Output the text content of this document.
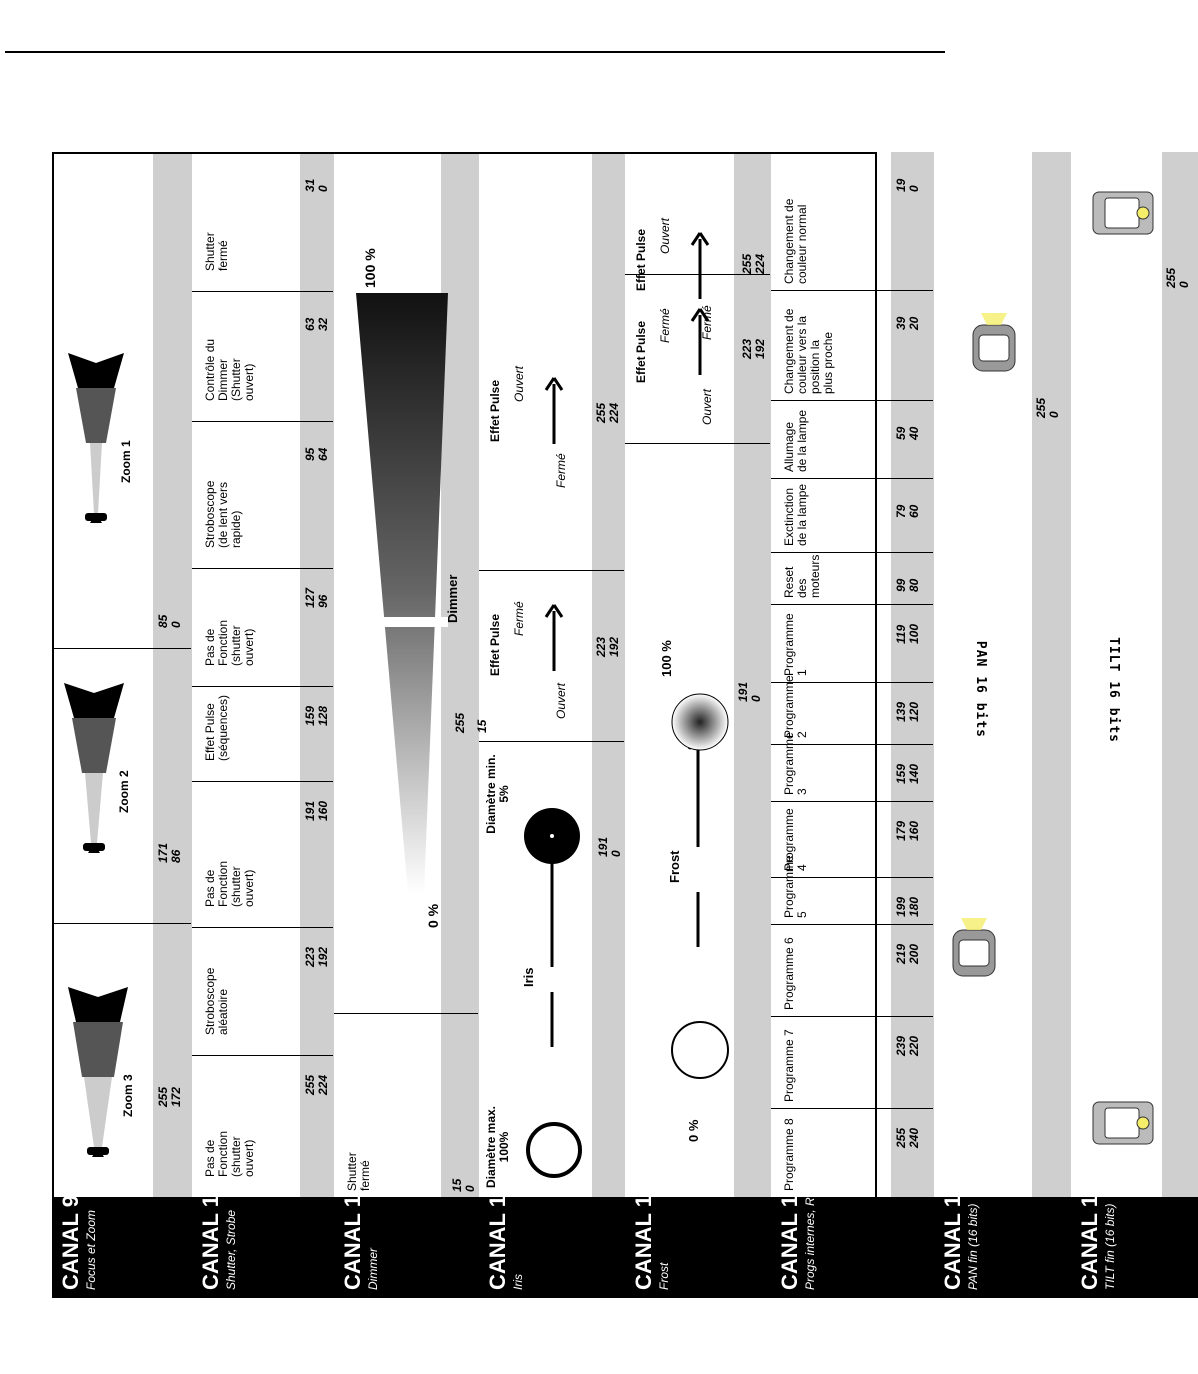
CANAL 9 Focus et Zoom
255 172
Zoom 3
171 86
Zoom 2
85 0
Zoom 1
CANAL 10 Shutter, Strobe
255 224
Pas de
Fonction
(shutter
ouvert)
223 192
Stroboscope
aléatoire
191 160
Pas de
Fonction
(shutter
ouvert)
159 128
Effet Pulse
(séquences)
127 96
Pas de
Fonction
(shutter
ouvert)
95 64
Stroboscope
(de lent vers
rapide)
63 32
Contrôle du
Dimmer
(Shutter
ouvert)
31 0
Shutter
fermé
CANAL 11 Dimmer
15 0
Shutter
fermé
255 15
Dimmer
100 %
0 %
CANAL 12 Iris
191 0
Diamètre max.
100%
Iris
Diamètre min.
5%
223 192
Ouvert
Fermé
Effet Pulse
255 224
Fermé
Ouvert
Effet Pulse
CANAL 13 Frost
191 0
0 %
Frost
100 %
223 192
Ouvert
Fermé
Effet Pulse
255 224
Fermé
Ouvert
Effet Pulse
CANAL 14 Progs internes, Reset
255 240
Programme 8
239 220
Programme 7
219 200
Programme 6
199 180
Programme 5
179 160
Programme 4
159 140
Programme 3
139 120
Programme 2
119 100
Programme 1
99 80
Reset
des moteurs
79 60
Exctinction
de la lampe
59 40
Allumage
de la lampe
39 20
Changement de
couleur vers la
position la
plus proche
19 0
Changement de
couleur normal
CANAL 15 PAN fin (16 bits)
255 0
PAN 16 bits
CANAL 16 TILT fin (16 bits)
255 0
TILT 16 bits
